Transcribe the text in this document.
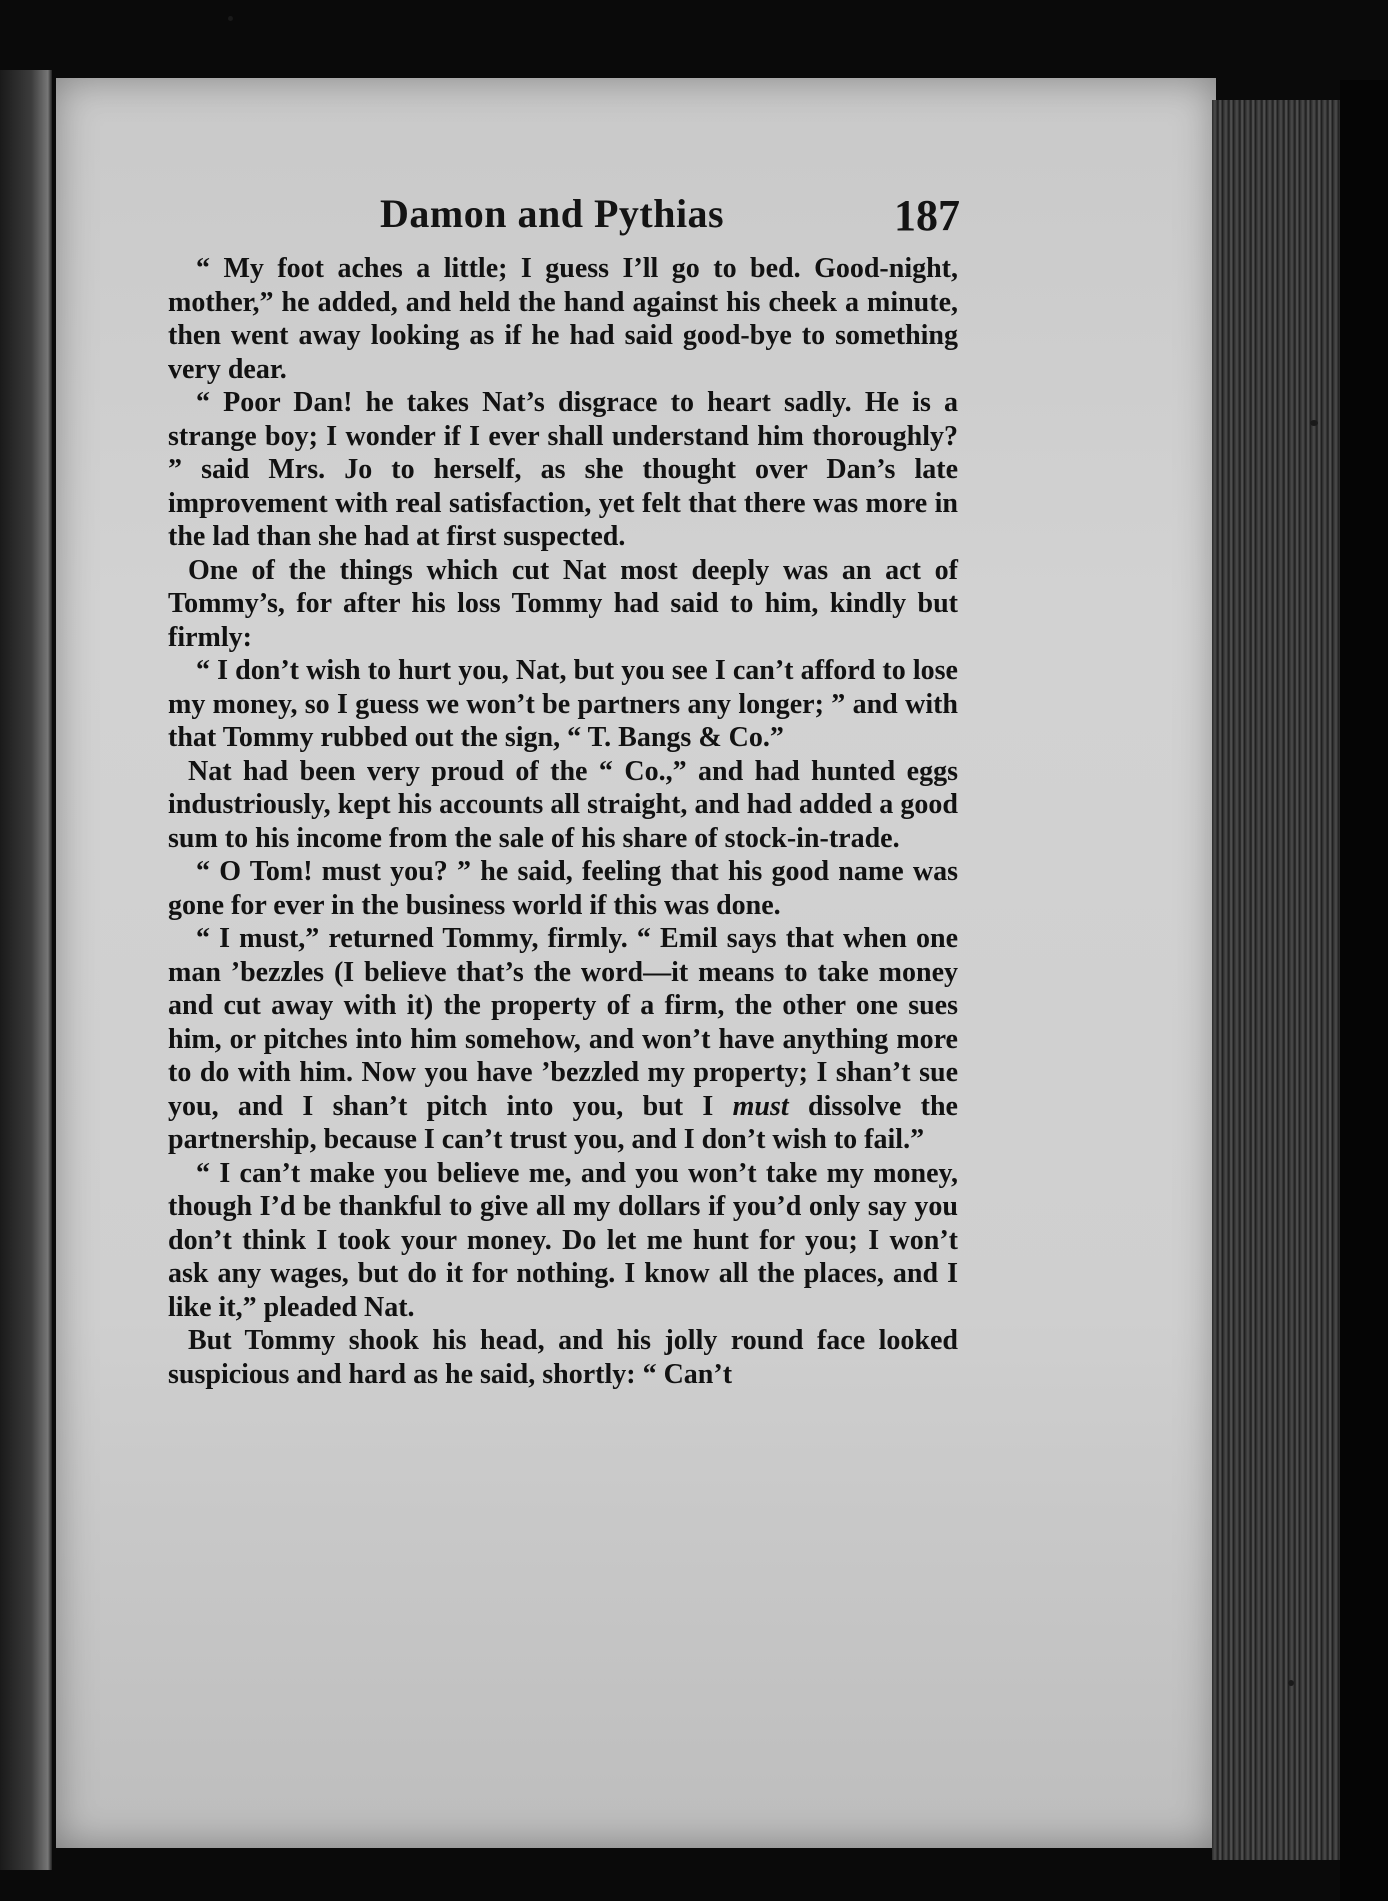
Damon and Pythias	187

“ My foot aches a little; I guess I’ll go to bed. Good-night, mother,” he added, and held the hand against his cheek a minute, then went away looking as if he had said good-bye to something very dear.

“ Poor Dan! he takes Nat’s disgrace to heart sadly. He is a strange boy; I wonder if I ever shall understand him thoroughly? ” said Mrs. Jo to herself, as she thought over Dan’s late improvement with real satisfaction, yet felt that there was more in the lad than she had at first suspected.

One of the things which cut Nat most deeply was an act of Tommy’s, for after his loss Tommy had said to him, kindly but firmly:

“ I don’t wish to hurt you, Nat, but you see I can’t afford to lose my money, so I guess we won’t be partners any longer; ” and with that Tommy rubbed out the sign, “ T. Bangs & Co.”

Nat had been very proud of the “ Co.,” and had hunted eggs industriously, kept his accounts all straight, and had added a good sum to his income from the sale of his share of stock-in-trade.

“ O Tom! must you? ” he said, feeling that his good name was gone for ever in the business world if this was done.

“ I must,” returned Tommy, firmly. “ Emil says that when one man ’bezzles (I believe that’s the word—it means to take money and cut away with it) the property of a firm, the other one sues him, or pitches into him somehow, and won’t have anything more to do with him. Now you have ’bezzled my property; I shan’t sue you, and I shan’t pitch into you, but I must dissolve the partnership, because I can’t trust you, and I don’t wish to fail.”

“ I can’t make you believe me, and you won’t take my money, though I’d be thankful to give all my dollars if you’d only say you don’t think I took your money. Do let me hunt for you; I won’t ask any wages, but do it for nothing. I know all the places, and I like it,” pleaded Nat.

But Tommy shook his head, and his jolly round face looked suspicious and hard as he said, shortly: “ Can’t
